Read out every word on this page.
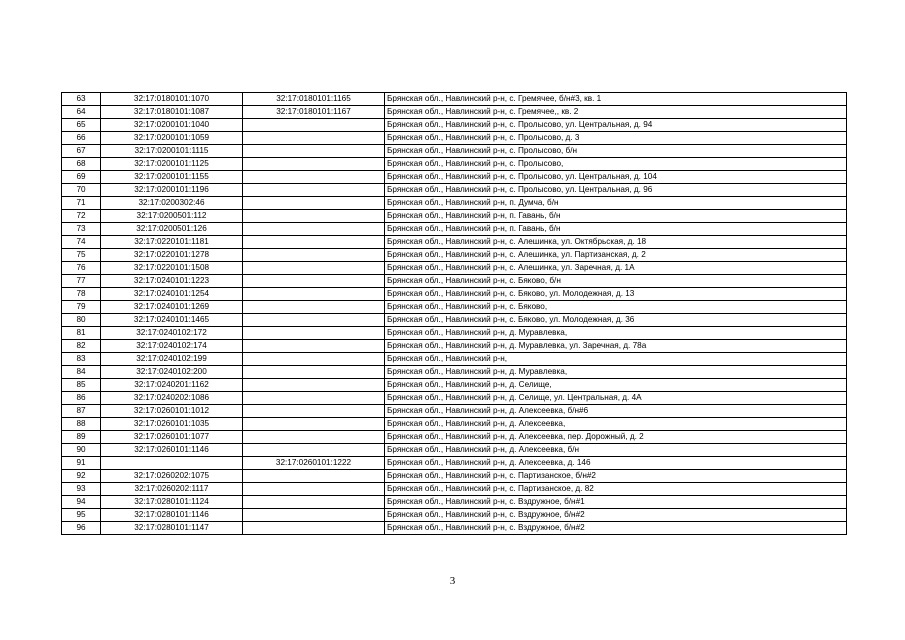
63	32:17:0180101:1070	32:17:0180101:1165	Брянская обл., Навлинский р-н, с. Гремячее, б/н#3, кв. 1
64	32:17:0180101:1087	32:17:0180101:1167	Брянская обл., Навлинский р-н, с. Гремячее,, кв. 2
65	32:17:0200101:1040		Брянская обл., Навлинский р-н, с. Пролысово, ул. Центральная, д. 94
66	32:17:0200101:1059		Брянская обл., Навлинский р-н, с. Пролысово, д. 3
67	32:17:0200101:1115		Брянская обл., Навлинский р-н, с. Пролысово, б/н
68	32:17:0200101:1125		Брянская обл., Навлинский р-н, с. Пролысово,
69	32:17:0200101:1155		Брянская обл., Навлинский р-н, с. Пролысово, ул. Центральная, д. 104
70	32:17:0200101:1196		Брянская обл., Навлинский р-н, с. Пролысово, ул. Центральная, д. 96
71	32:17:0200302:46		Брянская обл., Навлинский р-н, п. Думча, б/н
72	32:17:0200501:112		Брянская обл., Навлинский р-н, п. Гавань, б/н
73	32:17:0200501:126		Брянская обл., Навлинский р-н, п. Гавань, б/н
74	32:17:0220101:1181		Брянская обл., Навлинский р-н, с. Алешинка, ул. Октябрьская, д. 18
75	32:17:0220101:1278		Брянская обл., Навлинский р-н, с. Алешинка, ул. Партизанская, д. 2
76	32:17:0220101:1508		Брянская обл., Навлинский р-н, с. Алешинка, ул. Заречная, д. 1А
77	32:17:0240101:1223		Брянская обл., Навлинский р-н, с. Бяково, б/н
78	32:17:0240101:1254		Брянская обл., Навлинский р-н, с. Бяково, ул. Молодежная, д. 13
79	32:17:0240101:1269		Брянская обл., Навлинский р-н, с. Бяково,
80	32:17:0240101:1465		Брянская обл., Навлинский р-н, с. Бяково, ул. Молодежная, д. 36
81	32:17:0240102:172		Брянская обл., Навлинский р-н, д. Муравлевка,
82	32:17:0240102:174		Брянская обл., Навлинский р-н, д. Муравлевка, ул. Заречная, д. 78а
83	32:17:0240102:199		Брянская обл., Навлинский р-н,
84	32:17:0240102:200		Брянская обл., Навлинский р-н, д. Муравлевка,
85	32:17:0240201:1162		Брянская обл., Навлинский р-н, д. Селище,
86	32:17:0240202:1086		Брянская обл., Навлинский р-н, д. Селище, ул. Центральная, д. 4А
87	32:17:0260101:1012		Брянская обл., Навлинский р-н, д. Алексеевка, б/н#6
88	32:17:0260101:1035		Брянская обл., Навлинский р-н, д. Алексеевка,
89	32:17:0260101:1077		Брянская обл., Навлинский р-н, д. Алексеевка, пер. Дорожный, д. 2
90	32:17:0260101:1146		Брянская обл., Навлинский р-н, д. Алексеевка, б/н
91		32:17:0260101:1222	Брянская обл., Навлинский р-н, д. Алексеевка, д. 146
92	32:17:0260202:1075		Брянская обл., Навлинский р-н, с. Партизанское, б/н#2
93	32:17:0260202:1117		Брянская обл., Навлинский р-н, с. Партизанское, д. 82
94	32:17:0280101:1124		Брянская обл., Навлинский р-н, с. Вздружное, б/н#1
95	32:17:0280101:1146		Брянская обл., Навлинский р-н, с. Вздружное, б/н#2
96	32:17:0280101:1147		Брянская обл., Навлинский р-н, с. Вздружное, б/н#2
3
